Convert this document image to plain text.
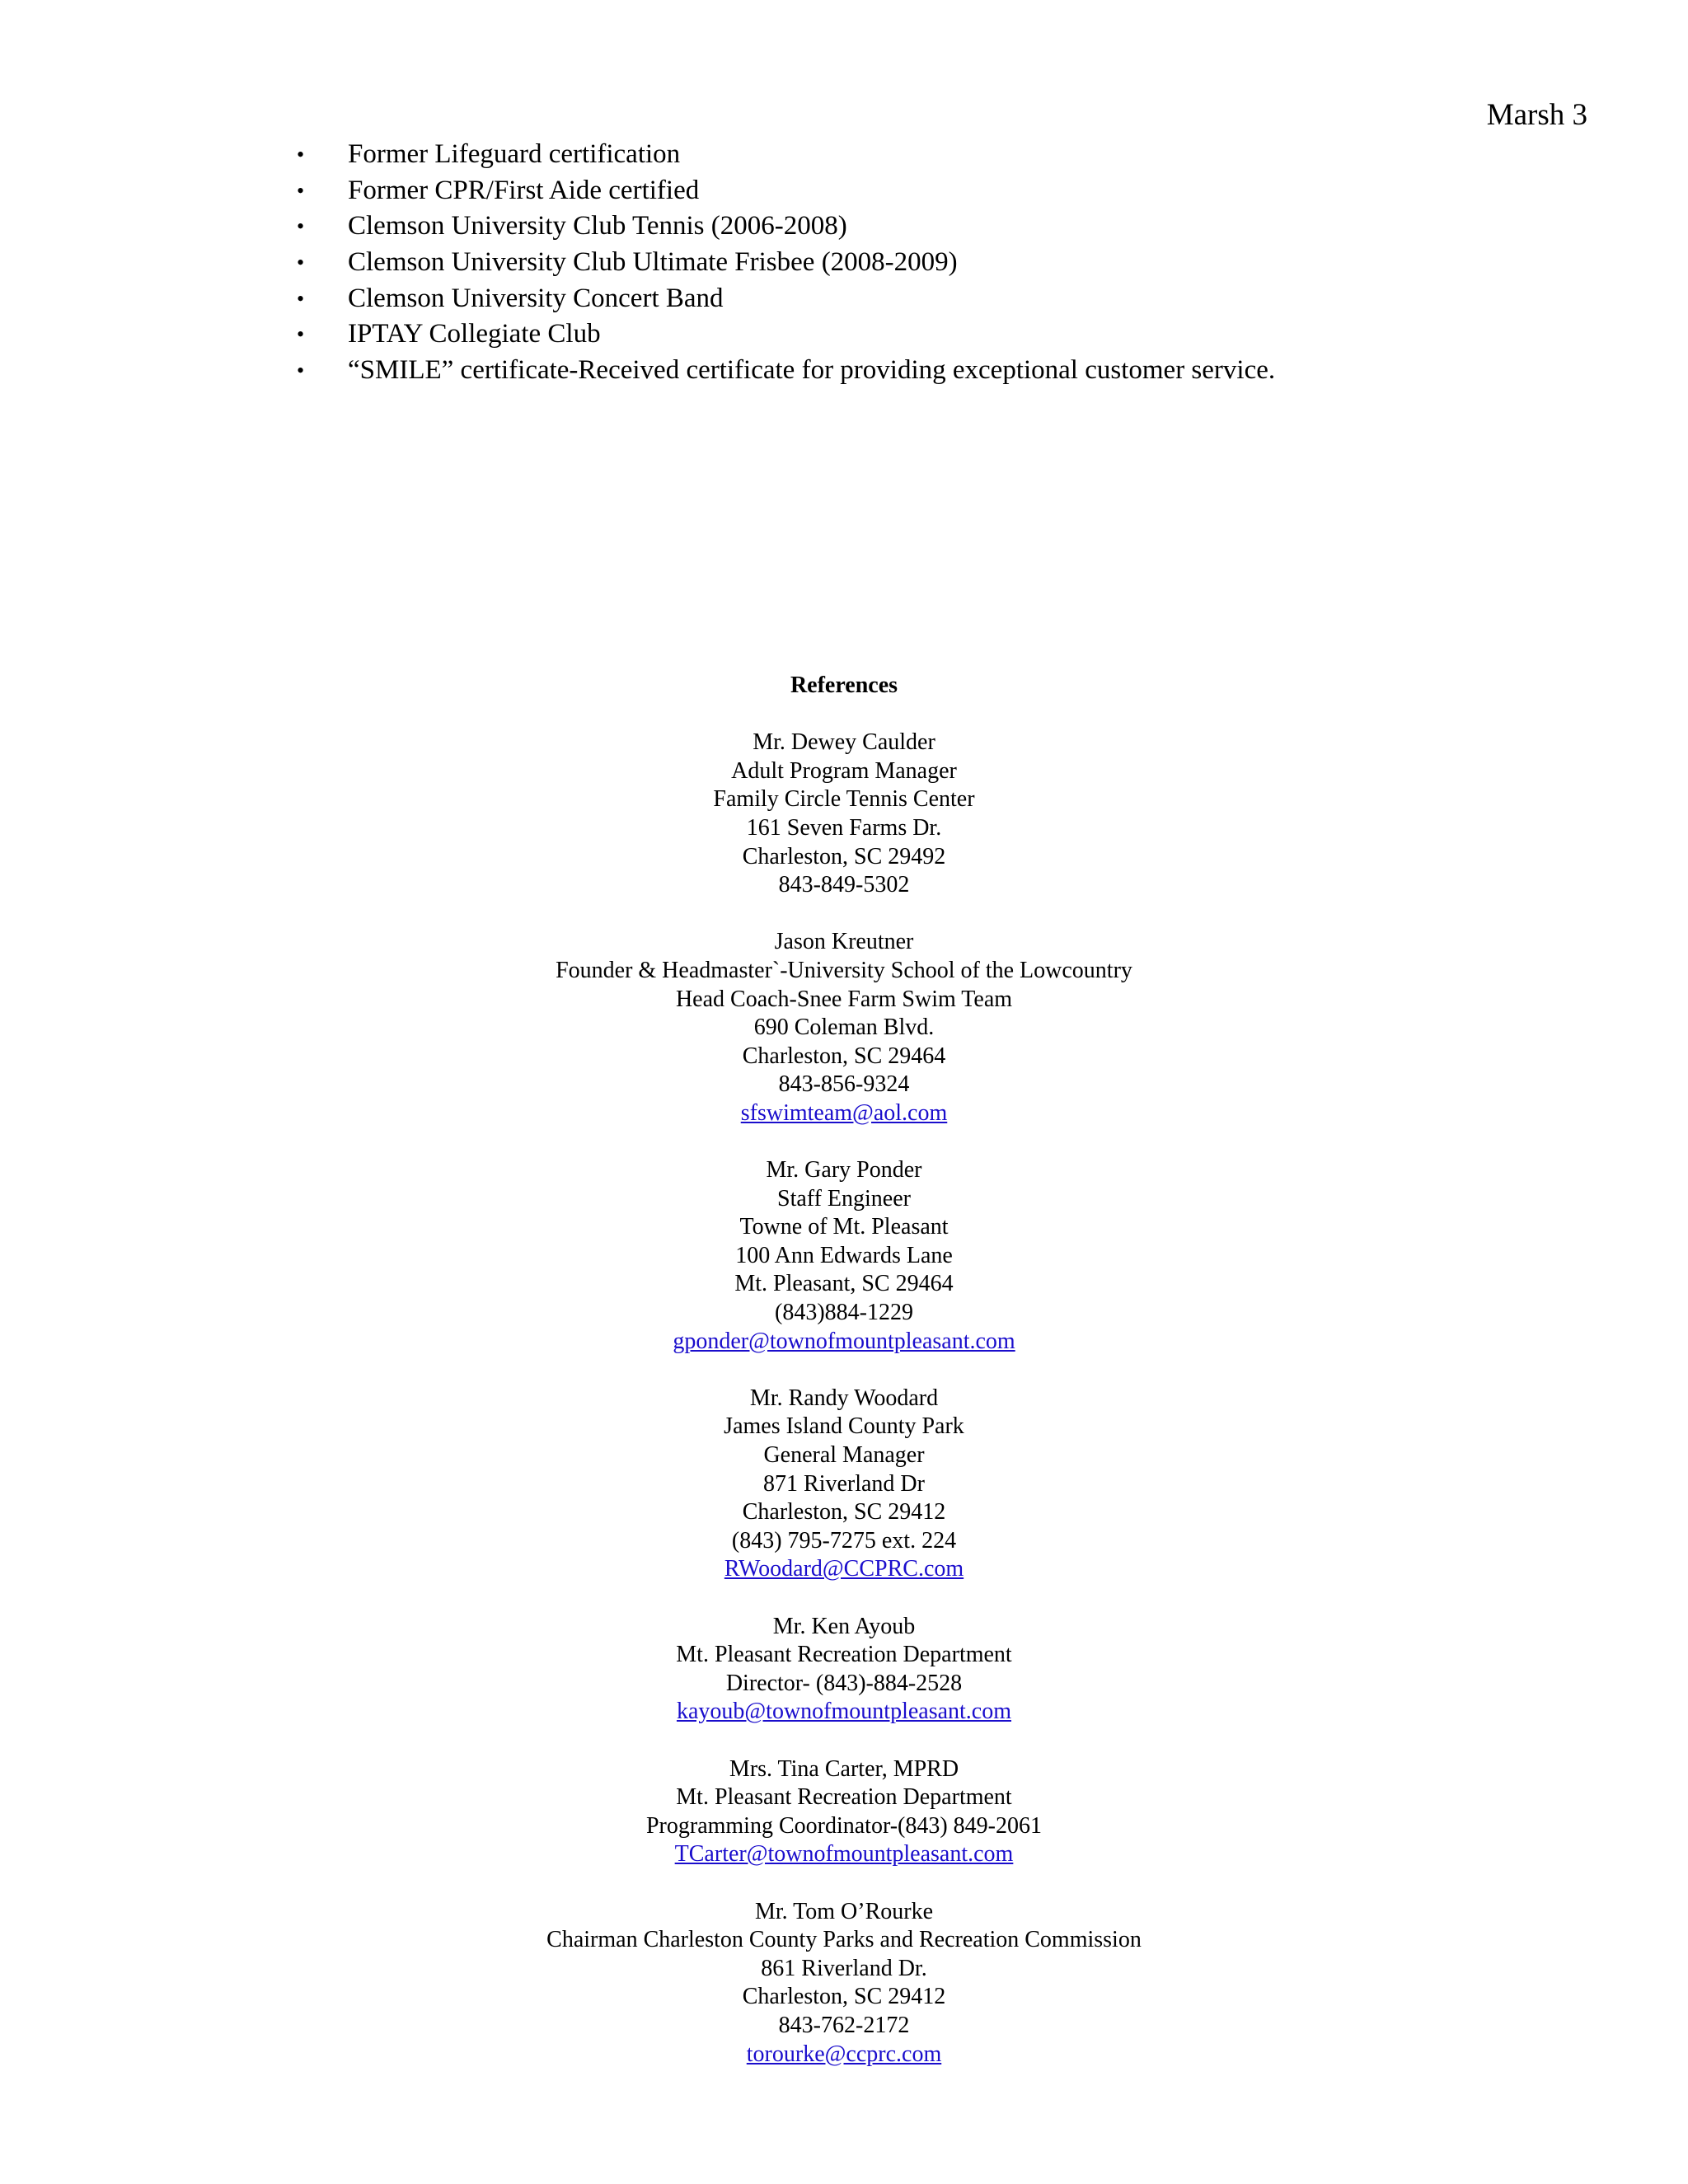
Marsh 3
•	Former Lifeguard certification
•	Former CPR/First Aide certified
•	Clemson University Club Tennis (2006-2008)
•	Clemson University Club Ultimate Frisbee (2008-2009)
•	Clemson University Concert Band
•	IPTAY Collegiate Club
•	“SMILE” certificate-Received certificate for providing exceptional customer service.
References
Mr. Dewey Caulder
Adult Program Manager
Family Circle Tennis Center
161 Seven Farms Dr.
Charleston, SC 29492
843-849-5302
Jason Kreutner
Founder & Headmaster`-University School of the Lowcountry
Head Coach-Snee Farm Swim Team
690 Coleman Blvd.
Charleston, SC 29464
843-856-9324
sfswimteam@aol.com
Mr. Gary Ponder
Staff Engineer
Towne of Mt. Pleasant
100 Ann Edwards Lane
Mt. Pleasant, SC 29464
(843)884-1229
gponder@townofmountpleasant.com
Mr. Randy Woodard
James Island County Park
General Manager
871 Riverland Dr
Charleston, SC 29412
(843) 795-7275 ext. 224
RWoodard@CCPRC.com
Mr. Ken Ayoub
Mt. Pleasant Recreation Department
Director- (843)-884-2528
kayoub@townofmountpleasant.com
Mrs. Tina Carter, MPRD
Mt. Pleasant Recreation Department
Programming Coordinator-(843) 849-2061
TCarter@townofmountpleasant.com
Mr. Tom O’Rourke
Chairman Charleston County Parks and Recreation Commission
861 Riverland Dr.
Charleston, SC 29412
843-762-2172
torourke@ccprc.com
